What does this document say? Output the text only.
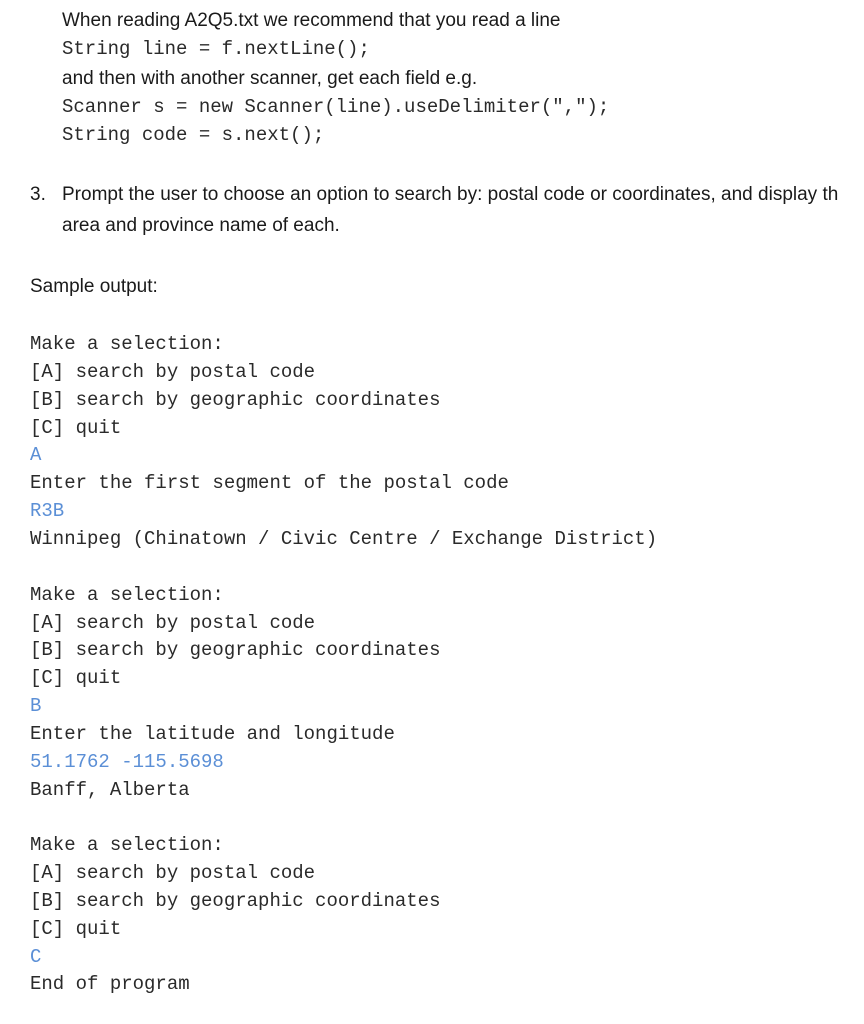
When reading A2Q5.txt we recommend that you read a line
String line = f.nextLine();
and then with another scanner, get each field e.g.
Scanner s = new Scanner(line).useDelimiter(",");
String code = s.next();
3. Prompt the user to choose an option to search by: postal code or coordinates, and display th
area and province name of each.
Sample output:
Make a selection:
[A] search by postal code
[B] search by geographic coordinates
[C] quit
A
Enter the first segment of the postal code
R3B
Winnipeg (Chinatown / Civic Centre / Exchange District)
Make a selection:
[A] search by postal code
[B] search by geographic coordinates
[C] quit
B
Enter the latitude and longitude
51.1762 -115.5698
Banff, Alberta
Make a selection:
[A] search by postal code
[B] search by geographic coordinates
[C] quit
C
End of program
